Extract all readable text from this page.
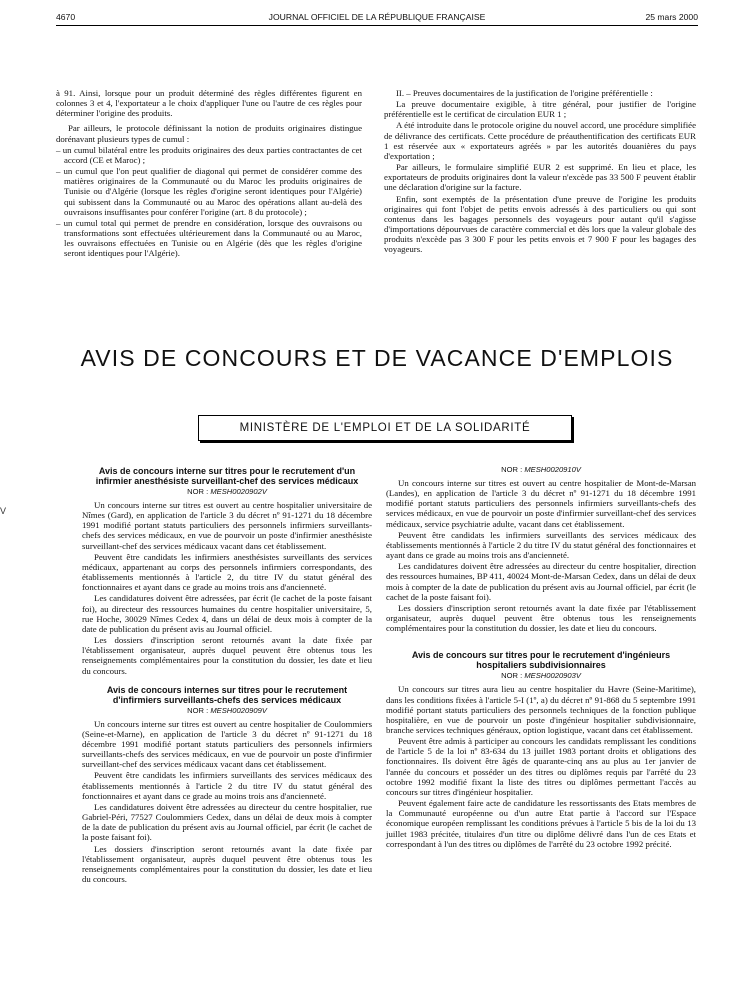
4670	JOURNAL OFFICIEL DE LA RÉPUBLIQUE FRANÇAISE	25 mars 2000

à 91. Ainsi, lorsque pour un produit déterminé des règles différentes figurent en colonnes 3 et 4, l'exportateur a le choix d'appliquer l'une ou l'autre de ces règles pour déterminer l'origine des produits.

Par ailleurs, le protocole définissant la notion de produits originaires distingue dorénavant plusieurs types de cumul :

– un cumul bilatéral entre les produits originaires des deux parties contractantes de cet accord (CE et Maroc) ;

– un cumul que l'on peut qualifier de diagonal qui permet de considérer comme des matières originaires de la Communauté ou du Maroc les produits originaires de Tunisie ou d'Algérie (lorsque les règles d'origine seront identiques pour l'Algérie) qui subissent dans la Communauté ou au Maroc des opérations allant au-delà des ouvraisons insuffisantes pour conférer l'origine (art. 8 du protocole) ;

– un cumul total qui permet de prendre en considération, lorsque des ouvraisons ou transformations sont effectuées ultérieurement dans la Communauté ou au Maroc, les ouvraisons effectuées en Tunisie ou en Algérie (dès que les règles d'origine seront identiques pour l'Algérie).

II. – Preuves documentaires de la justification de l'origine préférentielle :

La preuve documentaire exigible, à titre général, pour justifier de l'origine préférentielle est le certificat de circulation EUR 1 ;

A été introduite dans le protocole origine du nouvel accord, une procédure simplifiée de délivrance des certificats. Cette procédure de préauthentification des certificats EUR 1 est réservée aux « exportateurs agréés » par les autorités douanières du pays d'exportation ;

Par ailleurs, le formulaire simplifié EUR 2 est supprimé. En lieu et place, les exportateurs de produits originaires dont la valeur n'excède pas 33 500 F peuvent établir une déclaration d'origine sur la facture.

Enfin, sont exemptés de la présentation d'une preuve de l'origine les produits originaires qui font l'objet de petits envois adressés à des particuliers ou qui sont contenus dans les bagages personnels des voyageurs pour autant qu'il s'agisse d'importations dépourvues de caractère commercial et dès lors que la valeur globale des produits n'excède pas 3 300 F pour les petits envois et 7 900 F pour les bagages des voyageurs.

AVIS DE CONCOURS ET DE VACANCE D'EMPLOIS
MINISTÈRE DE L'EMPLOI ET DE LA SOLIDARITÉ
V
Avis de concours interne sur titres pour le recrutement d'un infirmier anesthésiste surveillant-chef des services médicaux
NOR : MESH0020902V

Un concours interne sur titres est ouvert au centre hospitalier universitaire de Nîmes (Gard), en application de l'article 3 du décret nº 91-1271 du 18 décembre 1991 modifié portant statuts particuliers des personnels infirmiers surveillants-chefs des services médicaux, en vue de pourvoir un poste d'infirmier anesthésiste surveillant-chef des services médicaux vacant dans cet établissement.

Peuvent être candidats les infirmiers anesthésistes surveillants des services médicaux, appartenant au corps des personnels infirmiers correspondants, des établissements mentionnés à l'article 2, du titre IV du statut général des fonctionnaires et ayant dans ce grade au moins trois ans d'ancienneté.

Les candidatures doivent être adressées, par écrit (le cachet de la poste faisant foi), au directeur des ressources humaines du centre hospitalier universitaire, 5, rue Hoche, 30029 Nîmes Cedex 4, dans un délai de deux mois à compter de la date de publication du présent avis au Journal officiel.

Les dossiers d'inscription seront retournés avant la date fixée par l'établissement organisateur, auprès duquel peuvent être obtenus tous les renseignements complémentaires pour la constitution du dossier, les date et lieu du concours.

Avis de concours internes sur titres pour le recrutement d'infirmiers surveillants-chefs des services médicaux
NOR : MESH0020909V

Un concours interne sur titres est ouvert au centre hospitalier de Coulommiers (Seine-et-Marne), en application de l'article 3 du décret nº 91-1271 du 18 décembre 1991 modifié portant statuts particuliers des personnels infirmiers surveillants-chefs des services médicaux, en vue de pourvoir un poste d'infirmier surveillant-chef des services médicaux vacant dans cet établissement.

Peuvent être candidats les infirmiers surveillants des services médicaux des établissements mentionnés à l'article 2 du titre IV du statut général des fonctionnaires et ayant dans ce grade au moins trois ans d'ancienneté.

Les candidatures doivent être adressées au directeur du centre hospitalier, rue Gabriel-Péri, 77527 Coulommiers Cedex, dans un délai de deux mois à compter de la date de publication du présent avis au Journal officiel, par écrit (le cachet de la poste faisant foi).

Les dossiers d'inscription seront retournés avant la date fixée par l'établissement organisateur, auprès duquel peuvent être obtenus tous les renseignements complémentaires pour la constitution du dossier, les date et lieu du concours.

NOR : MESH0020910V

Un concours interne sur titres est ouvert au centre hospitalier de Mont-de-Marsan (Landes), en application de l'article 3 du décret nº 91-1271 du 18 décembre 1991 modifié portant statuts particuliers des personnels infirmiers surveillants-chefs des services médicaux, en vue de pourvoir un poste d'infirmier surveillant-chef des services médicaux, service psychiatrie adulte, vacant dans cet établissement.

Peuvent être candidats les infirmiers surveillants des services médicaux des établissements mentionnés à l'article 2 du titre IV du statut général des fonctionnaires et ayant dans ce grade au moins trois ans d'ancienneté.

Les candidatures doivent être adressées au directeur du centre hospitalier, direction des ressources humaines, BP 411, 40024 Mont-de-Marsan Cedex, dans un délai de deux mois à compter de la date de publication du présent avis au Journal officiel, par écrit (le cachet de la poste faisant foi).

Les dossiers d'inscription seront retournés avant la date fixée par l'établissement organisateur, auprès duquel peuvent être obtenus tous les renseignements complémentaires pour la constitution du dossier, les date et lieu du concours.

Avis de concours sur titres pour le recrutement d'ingénieurs hospitaliers subdivisionnaires
NOR : MESH0020903V

Un concours sur titres aura lieu au centre hospitalier du Havre (Seine-Maritime), dans les conditions fixées à l'article 5-I (1º, a) du décret nº 91-868 du 5 septembre 1991 modifié portant statuts particuliers des personnels techniques de la fonction publique hospitalière, en vue de pourvoir un poste d'ingénieur hospitalier subdivisionnaire, branche services techniques généraux, option logistique, vacant dans cet établissement.

Peuvent être admis à participer au concours les candidats remplissant les conditions de l'article 5 de la loi nº 83-634 du 13 juillet 1983 portant droits et obligations des fonctionnaires. Ils doivent être âgés de quarante-cinq ans au plus au 1er janvier de l'année du concours et posséder un des titres ou diplômes requis par l'arrêté du 23 octobre 1992 modifié fixant la liste des titres ou diplômes permettant l'accès au concours sur titres d'ingénieur hospitalier.

Peuvent également faire acte de candidature les ressortissants des Etats membres de la Communauté européenne ou d'un autre Etat partie à l'accord sur l'Espace économique européen remplissant les conditions prévues à l'article 5 bis de la loi du 13 juillet 1983 précitée, titulaires d'un titre ou diplôme délivré dans l'un de ces Etats et correspondant à l'un des titres ou diplômes de l'arrêté du 23 octobre 1992 précité.
